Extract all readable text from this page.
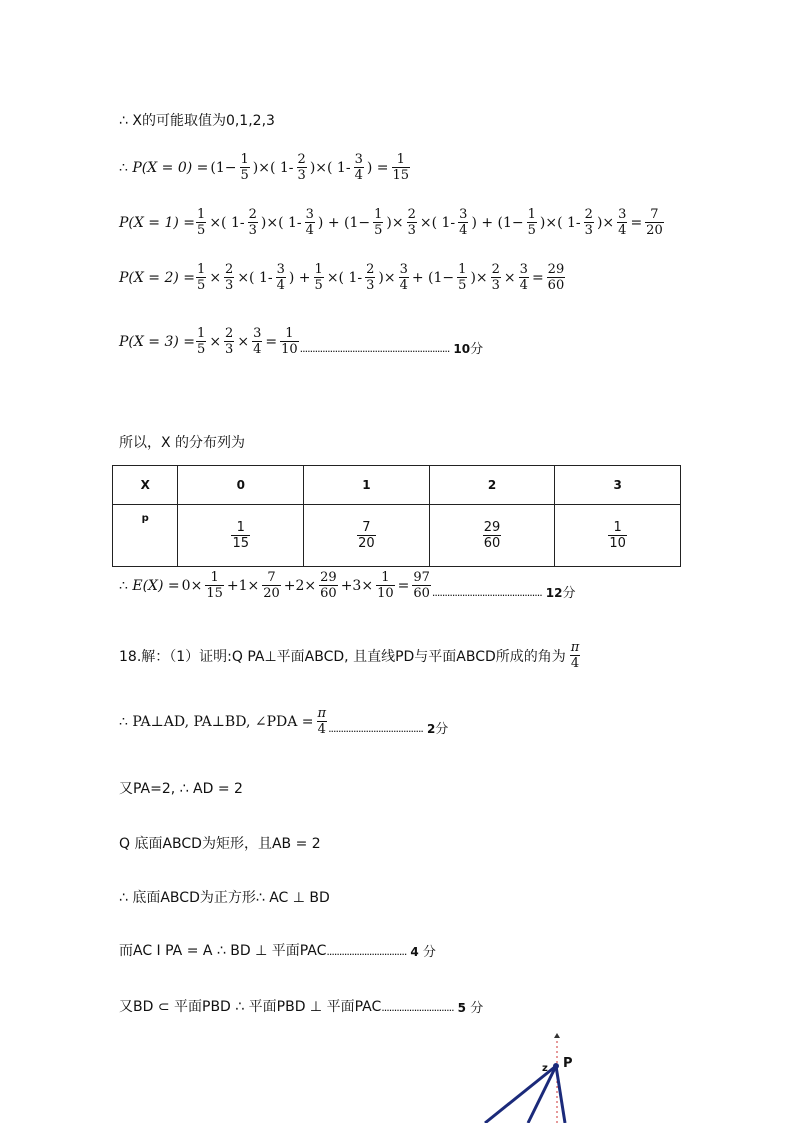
∴ X的可能取值为0,1,2,3
∴
$P(X = 0) = (1- \frac{1}{5}$ )×( $1- \frac{2}{3}$ )×( $1- \frac{3}{4}$ ) = $\frac{1}{15}$
$P(X = 1) = \frac{1}{5}$ ×( $1- \frac{2}{3}$ )×( $1- \frac{3}{4}$ ) + ($1- \frac{1}{5}$ )× $\frac{2}{3}$ ×( $1- \frac{3}{4}$ ) + ($1- \frac{1}{5}$ )×( $1- \frac{2}{3}$ )× $\frac{3}{4} = \frac{7}{20}$
$P(X = 2) = \frac{1}{5} \times \frac{2}{3}$ ×( $1- \frac{3}{4}$ ) + $\frac{1}{5}$ ×( $1- \frac{2}{3}$ )× $\frac{3}{4} + (1- \frac{1}{5}$ )× $\frac{2}{3} \times \frac{3}{4} = \frac{29}{60}$
$P(X = 3) = \frac{1}{5} \times \frac{2}{3} \times \frac{3}{4} = \frac{1}{10}$ ............................................................ 10分
所以，X 的分布列为
X	0	1	2	3
p	$\frac{1}{15}$	$\frac{7}{20}$	$\frac{29}{60}$	$\frac{1}{10}$
∴
$E(X) = 0\times \frac{1}{15} +1\times \frac{7}{20} +2\times \frac{29}{60} +3\times \frac{1}{10} = \frac{97}{60}$ ............................................ 12分
18.解：（1）证明:Q PA⊥平面ABCD, 且直线PD与平面ABCD所成的角为 $\frac{\pi}{4}$
∴
PA⊥AD, PA⊥BD, ∠PDA = $\frac{\pi}{4}$ ...................................... 2分
又PA=2, ∴ AD = 2
Q 底面ABCD为矩形，且AB = 2
∴ 底面ABCD为正方形∴ AC ⊥ BD
而AC I PA = A ∴ BD ⊥ 平面PAC ................................ 4 分
又BD ⊂ 平面PBD ∴ 平面PBD ⊥ 平面PAC ............................. 5 分
P
z
